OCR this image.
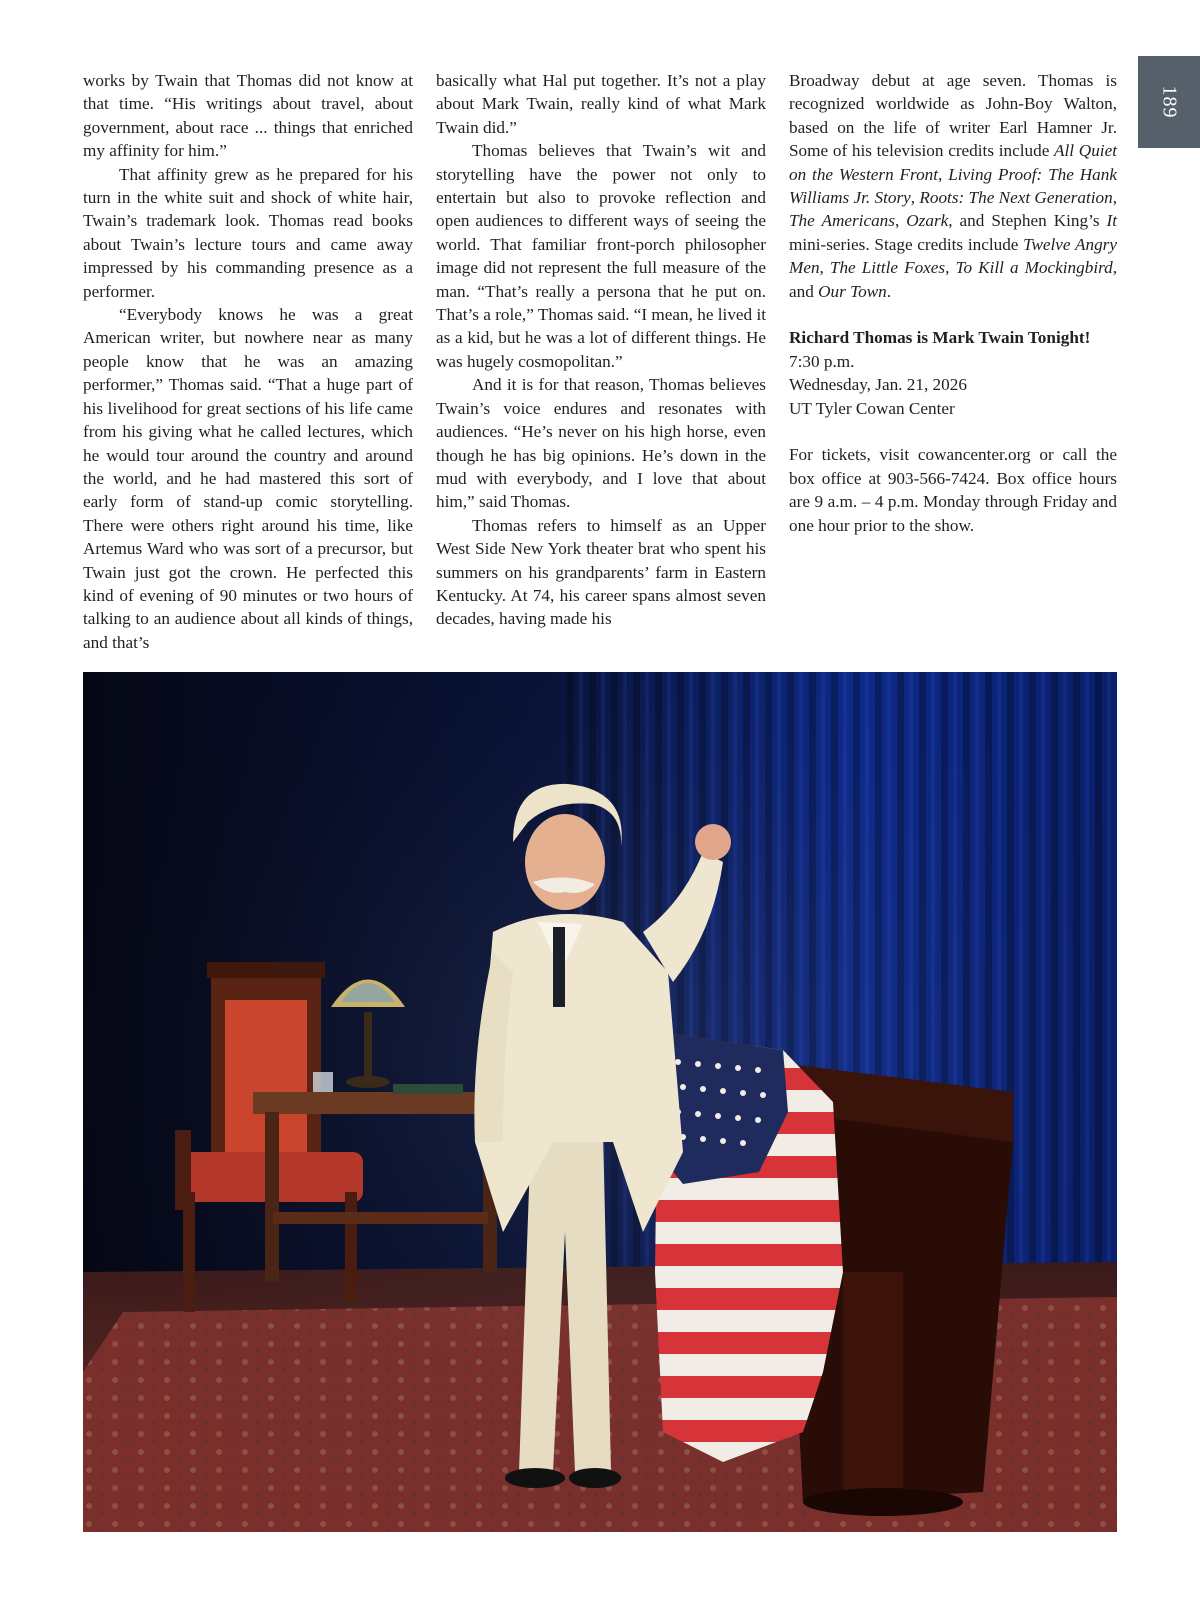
189

works by Twain that Thomas did not know at that time. “His writings about travel, about government, about race ... things that enriched my affinity for him.”

That affinity grew as he prepared for his turn in the white suit and shock of white hair, Twain’s trademark look. Thomas read books about Twain’s lecture tours and came away impressed by his commanding presence as a performer.

“Everybody knows he was a great American writer, but nowhere near as many people know that he was an amazing performer,” Thomas said. “That a huge part of his livelihood for great sections of his life came from his giving what he called lectures, which he would tour around the country and around the world, and he had mastered this sort of early form of stand-up comic storytelling. There were others right around his time, like Artemus Ward who was sort of a precursor, but Twain just got the crown. He perfected this kind of evening of 90 minutes or two hours of talking to an audience about all kinds of things, and that’s

basically what Hal put together. It’s not a play about Mark Twain, really kind of what Mark Twain did.”

Thomas believes that Twain’s wit and storytelling have the power not only to entertain but also to provoke reflection and open audiences to different ways of seeing the world. That familiar front-porch philosopher image did not represent the full measure of the man. “That’s really a persona that he put on. That’s a role,” Thomas said. “I mean, he lived it as a kid, but he was a lot of different things. He was hugely cosmopolitan.”

And it is for that reason, Thomas believes Twain’s voice endures and resonates with audiences. “He’s never on his high horse, even though he has big opinions. He’s down in the mud with everybody, and I love that about him,” said Thomas.

Thomas refers to himself as an Upper West Side New York theater brat who spent his summers on his grandparents’ farm in Eastern Kentucky. At 74, his career spans almost seven decades, having made his

Broadway debut at age seven. Thomas is recognized worldwide as John-Boy Walton, based on the life of writer Earl Hamner Jr. Some of his television credits include All Quiet on the Western Front, Living Proof: The Hank Williams Jr. Story, Roots: The Next Generation, The Americans, Ozark, and Stephen King’s It mini-series. Stage credits include Twelve Angry Men, The Little Foxes, To Kill a Mockingbird, and Our Town.

Richard Thomas is Mark Twain Tonight!

7:30 p.m.

Wednesday, Jan. 21, 2026

UT Tyler Cowan Center

For tickets, visit cowancenter.org or call the box office at 903-566-7424. Box office hours are 9 a.m. – 4 p.m. Monday through Friday and one hour prior to the show.
